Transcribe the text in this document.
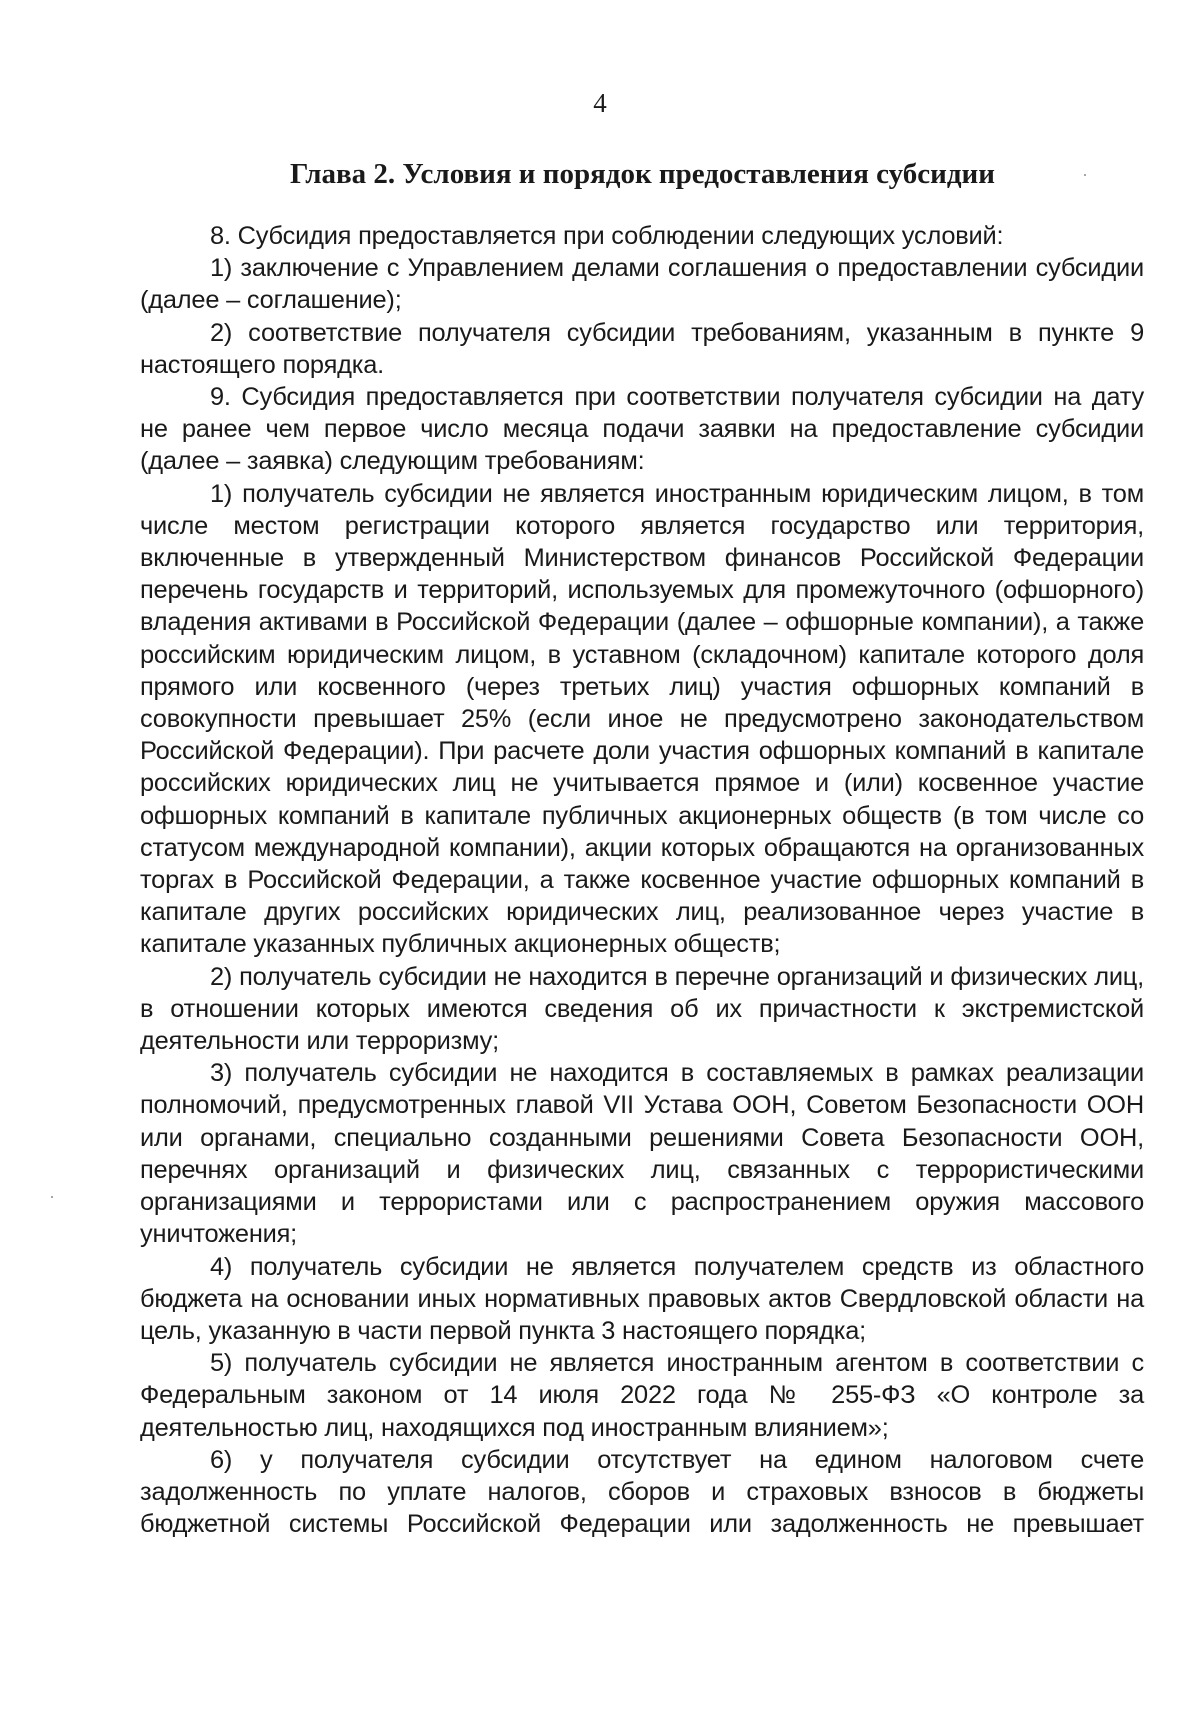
4
Глава 2. Условия и порядок предоставления субсидии

8. Субсидия предоставляется при соблюдении следующих условий:

1) заключение с Управлением делами соглашения о предоставлении субсидии (далее – соглашение);

2) соответствие получателя субсидии требованиям, указанным в пункте 9 настоящего порядка.

9. Субсидия предоставляется при соответствии получателя субсидии на дату не ранее чем первое число месяца подачи заявки на предоставление субсидии (далее – заявка) следующим требованиям:

1) получатель субсидии не является иностранным юридическим лицом, в том числе местом регистрации которого является государство или территория, включенные в утвержденный Министерством финансов Российской Федерации перечень государств и территорий, используемых для промежуточного (офшорного) владения активами в Российской Федерации (далее – офшорные компании), а также российским юридическим лицом, в уставном (складочном) капитале которого доля прямого или косвенного (через третьих лиц) участия офшорных компаний в совокупности превышает 25% (если иное не предусмотрено законодательством Российской Федерации). При расчете доли участия офшорных компаний в капитале российских юридических лиц не учитывается прямое и (или) косвенное участие офшорных компаний в капитале публичных акционерных обществ (в том числе со статусом международной компании), акции которых обращаются на организованных торгах в Российской Федерации, а также косвенное участие офшорных компаний в капитале других российских юридических лиц, реализованное через участие в капитале указанных публичных акционерных обществ;

2) получатель субсидии не находится в перечне организаций и физических лиц, в отношении которых имеются сведения об их причастности к экстремистской деятельности или терроризму;

3) получатель субсидии не находится в составляемых в рамках реализации полномочий, предусмотренных главой VII Устава ООН, Советом Безопасности ООН или органами, специально созданными решениями Совета Безопасности ООН, перечнях организаций и физических лиц, связанных с террористическими организациями и террористами или с распространением оружия массового уничтожения;

4) получатель субсидии не является получателем средств из областного бюджета на основании иных нормативных правовых актов Свердловской области на цель, указанную в части первой пункта 3 настоящего порядка;

5) получатель субсидии не является иностранным агентом в соответствии с Федеральным законом от 14 июля 2022 года № 255-ФЗ «О контроле за деятельностью лиц, находящихся под иностранным влиянием»;

6) у получателя субсидии отсутствует на едином налоговом счете задолженность по уплате налогов, сборов и страховых взносов в бюджеты бюджетной системы Российской Федерации или задолженность не превышает
